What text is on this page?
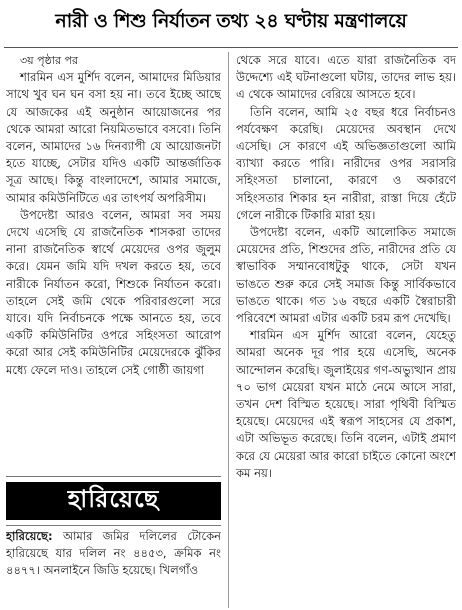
নারী ও শিশু নির্যাতন তথ্য ২৪ ঘণ্টায় মন্ত্রণালয়ে

৩য় পৃষ্ঠার পর

শারমিন এস মুর্শিদ বলেন, আমাদের মিডিয়ার সাথে খুব ঘন ঘন বসা হয় না। তবে ইচ্ছে আছে যে আজকের এই অনুষ্ঠান আয়োজনের পর থেকে আমরা আরো নিয়মিতভাবে বসবো। তিনি বলেন, আমাদের ১৬ দিনব্যাপী যে আয়োজনটা হতে যাচ্ছে, সেটার যদিও একটি আন্তর্জাতিক সূত্র আছে। কিন্তু বাংলাদেশে, আমার সমাজে, আমার কমিউনিটিতে এর তাৎপর্য অপরিসীম।

উপদেষ্টা আরও বলেন, আমরা সব সময় দেখে এসেছি যে রাজনৈতিক শাসকরা তাদের নানা রাজনৈতিক স্বার্থে মেয়েদের ওপর জুলুম করে। যেমন জমি যদি দখল করতে হয়, তবে নারীকে নির্যাতন করো, শিশুকে নির্যাতন করো। তাহলে সেই জমি থেকে পরিবারগুলো সরে যাবে। যদি নির্বাচনকে পক্ষে আনতে হয়, তবে একটি কমিউনিটির ওপরে সহিংসতা আরোপ করো আর সেই কমিউনিটির মেয়েদেরকে ঝুঁকির মধ্যে ফেলে দাও। তাহলে সেই গোষ্ঠী জায়গা

থেকে সরে যাবে। এতে যারা রাজনৈতিক বদ উদ্দেশ্যে এই ঘটনাগুলো ঘটায়, তাদের লাভ হয়। এ থেকে আমাদের বেরিয়ে আসতে হবে।

তিনি বলেন, আমি ২৫ বছর ধরে নির্বাচনও পর্যবেক্ষণ করেছি। মেয়েদের অবস্থান দেখে এসেছি। সে কারণে এই অভিজ্ঞতাগুলো আমি ব্যাখ্যা করতে পারি। নারীদের ওপর সরাসরি সহিংসতা চালানো, কারণে ও অকারণে সহিংসতার শিকার হন নারীরা, রাস্তা দিয়ে হেঁটে গেলে নারীকে টিকারি মারা হয়।

উপদেষ্টা বলেন, একটি আলোকিত সমাজে মেয়েদের প্রতি, শিশুদের প্রতি, নারীদের প্রতি যে স্বাভাবিক সম্মানবোধটুকু থাকে, সেটা যখন ভাঙতে শুরু করে সেই সমাজ কিন্তু সার্বিকভাবে ভাঙতে থাকে। গত ১৬ বছরে একটি স্বৈরাচারী পরিবেশে আমরা এটার একটি চরম রূপ দেখেছি।

শারমিন এস মুর্শিদ আরো বলেন, যেহেতু আমরা অনেক দূর পার হয়ে এসেছি, অনেক আন্দোলন করেছি। জুলাইয়ের গণ-অভ্যুত্থান প্রায় ৭০ ভাগ মেয়েরা যখন মাঠে নেমে আসে সারা, তখন দেশ বিস্মিত হয়েছে। সারা পৃথিবী বিস্মিত হয়েছে। মেয়েদের এই স্বরূপ সাহসের যে প্রকাশ, এটা অভিভূত করেছে। তিনি বলেন, এটাই প্রমাণ করে যে মেয়েরা আর কারো চাইতে কোনো অংশে কম নয়।

হারিয়েছে
হারিয়েছে: আমার জমির দলিলের টোকেন হারিয়েছে যার দলিল নং ৪৪৫৩, ক্রমিক নং ৪৪৭৭। অনলাইনে জিডি হয়েছে। খিলগাঁও
